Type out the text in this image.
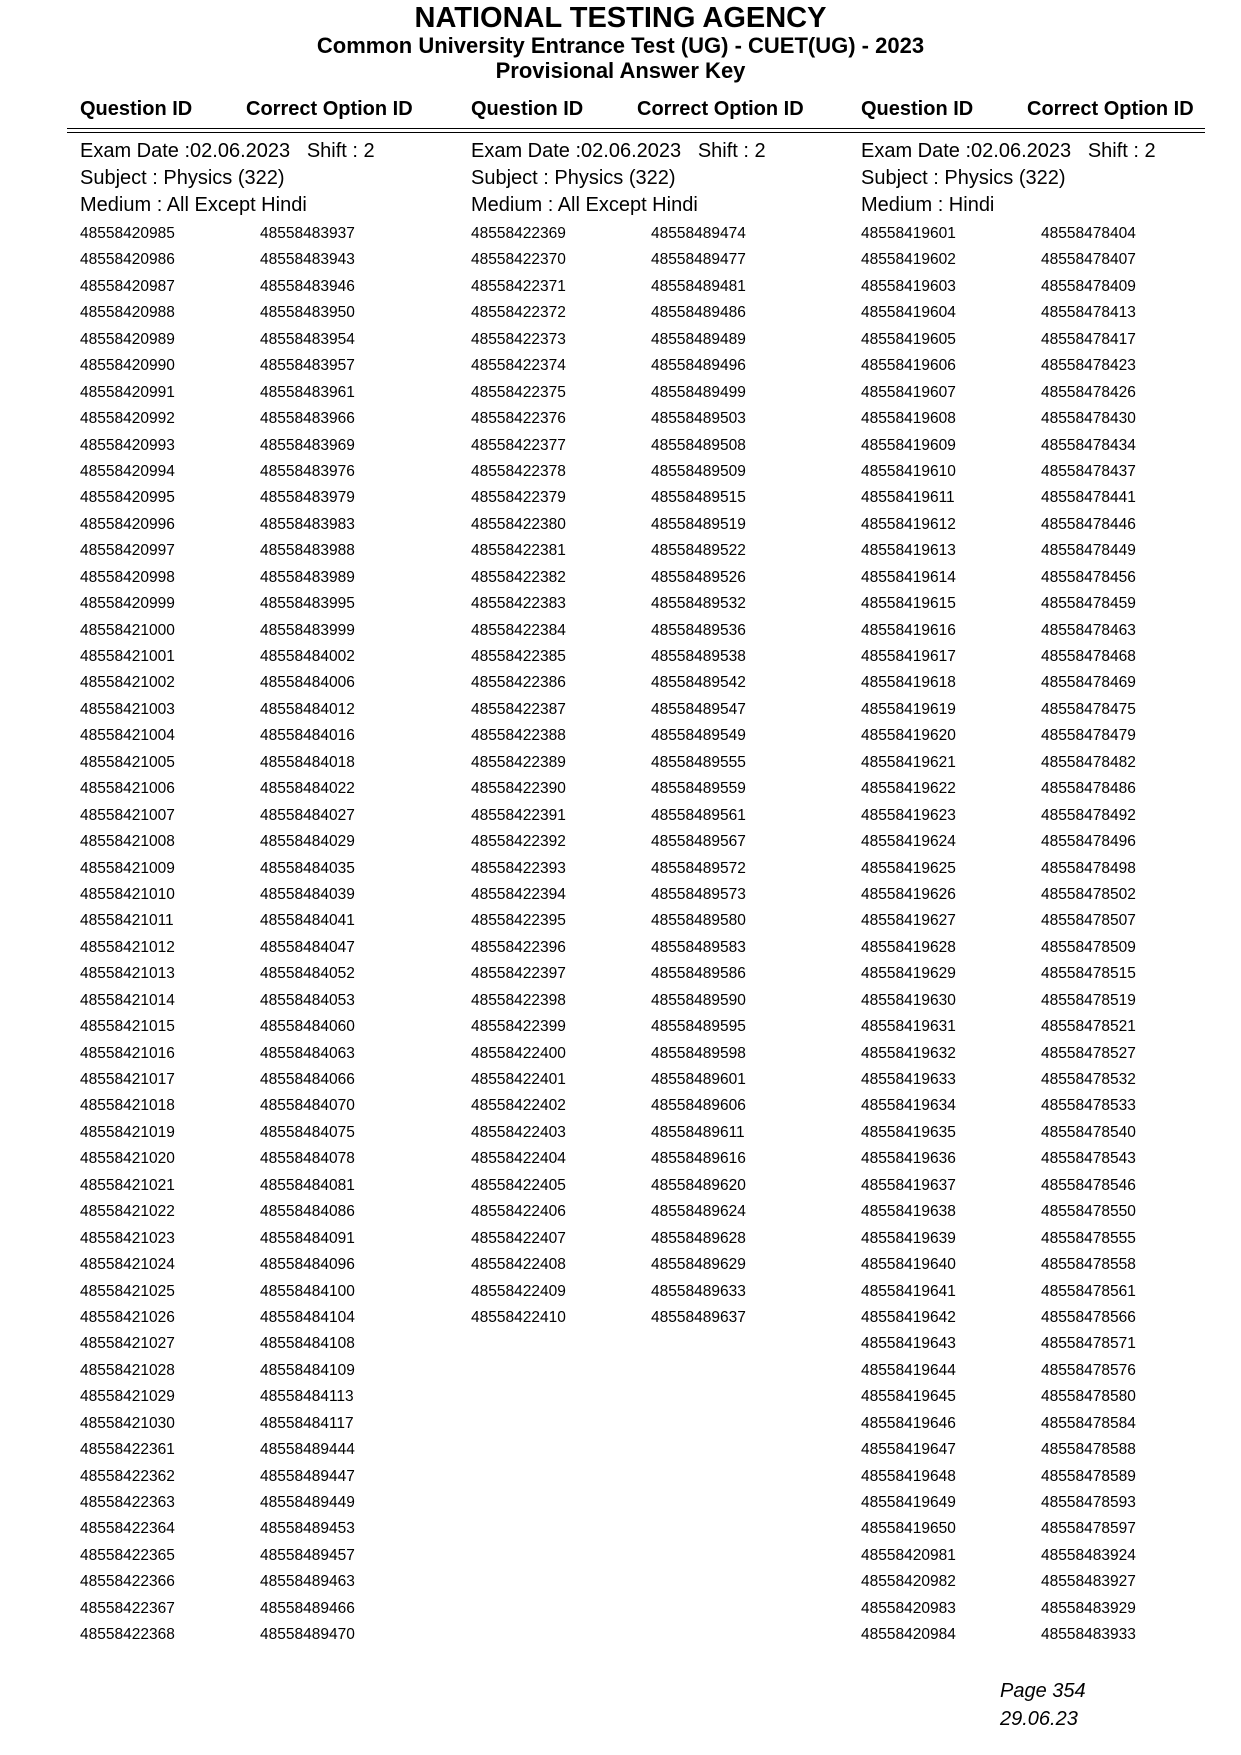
NATIONAL TESTING AGENCY
Common University Entrance Test (UG) - CUET(UG) - 2023
Provisional Answer Key
Question ID	Correct Option ID	Question ID	Correct Option ID	Question ID	Correct Option ID
Exam Date :02.06.2023 Shift : 2
Subject : Physics (322)
Medium : All Except Hindi
48558420985	48558483937
48558420986	48558483943
48558420987	48558483946
48558420988	48558483950
48558420989	48558483954
48558420990	48558483957
48558420991	48558483961
48558420992	48558483966
48558420993	48558483969
48558420994	48558483976
48558420995	48558483979
48558420996	48558483983
48558420997	48558483988
48558420998	48558483989
48558420999	48558483995
48558421000	48558483999
48558421001	48558484002
48558421002	48558484006
48558421003	48558484012
48558421004	48558484016
48558421005	48558484018
48558421006	48558484022
48558421007	48558484027
48558421008	48558484029
48558421009	48558484035
48558421010	48558484039
48558421011	48558484041
48558421012	48558484047
48558421013	48558484052
48558421014	48558484053
48558421015	48558484060
48558421016	48558484063
48558421017	48558484066
48558421018	48558484070
48558421019	48558484075
48558421020	48558484078
48558421021	48558484081
48558421022	48558484086
48558421023	48558484091
48558421024	48558484096
48558421025	48558484100
48558421026	48558484104
48558421027	48558484108
48558421028	48558484109
48558421029	48558484113
48558421030	48558484117
48558422361	48558489444
48558422362	48558489447
48558422363	48558489449
48558422364	48558489453
48558422365	48558489457
48558422366	48558489463
48558422367	48558489466
48558422368	48558489470
Exam Date :02.06.2023 Shift : 2
Subject : Physics (322)
Medium : All Except Hindi
48558422369	48558489474
48558422370	48558489477
48558422371	48558489481
48558422372	48558489486
48558422373	48558489489
48558422374	48558489496
48558422375	48558489499
48558422376	48558489503
48558422377	48558489508
48558422378	48558489509
48558422379	48558489515
48558422380	48558489519
48558422381	48558489522
48558422382	48558489526
48558422383	48558489532
48558422384	48558489536
48558422385	48558489538
48558422386	48558489542
48558422387	48558489547
48558422388	48558489549
48558422389	48558489555
48558422390	48558489559
48558422391	48558489561
48558422392	48558489567
48558422393	48558489572
48558422394	48558489573
48558422395	48558489580
48558422396	48558489583
48558422397	48558489586
48558422398	48558489590
48558422399	48558489595
48558422400	48558489598
48558422401	48558489601
48558422402	48558489606
48558422403	48558489611
48558422404	48558489616
48558422405	48558489620
48558422406	48558489624
48558422407	48558489628
48558422408	48558489629
48558422409	48558489633
48558422410	48558489637
Exam Date :02.06.2023 Shift : 2
Subject : Physics (322)
Medium : Hindi
48558419601	48558478404
48558419602	48558478407
48558419603	48558478409
48558419604	48558478413
48558419605	48558478417
48558419606	48558478423
48558419607	48558478426
48558419608	48558478430
48558419609	48558478434
48558419610	48558478437
48558419611	48558478441
48558419612	48558478446
48558419613	48558478449
48558419614	48558478456
48558419615	48558478459
48558419616	48558478463
48558419617	48558478468
48558419618	48558478469
48558419619	48558478475
48558419620	48558478479
48558419621	48558478482
48558419622	48558478486
48558419623	48558478492
48558419624	48558478496
48558419625	48558478498
48558419626	48558478502
48558419627	48558478507
48558419628	48558478509
48558419629	48558478515
48558419630	48558478519
48558419631	48558478521
48558419632	48558478527
48558419633	48558478532
48558419634	48558478533
48558419635	48558478540
48558419636	48558478543
48558419637	48558478546
48558419638	48558478550
48558419639	48558478555
48558419640	48558478558
48558419641	48558478561
48558419642	48558478566
48558419643	48558478571
48558419644	48558478576
48558419645	48558478580
48558419646	48558478584
48558419647	48558478588
48558419648	48558478589
48558419649	48558478593
48558419650	48558478597
48558420981	48558483924
48558420982	48558483927
48558420983	48558483929
48558420984	48558483933
Page 354
29.06.23
